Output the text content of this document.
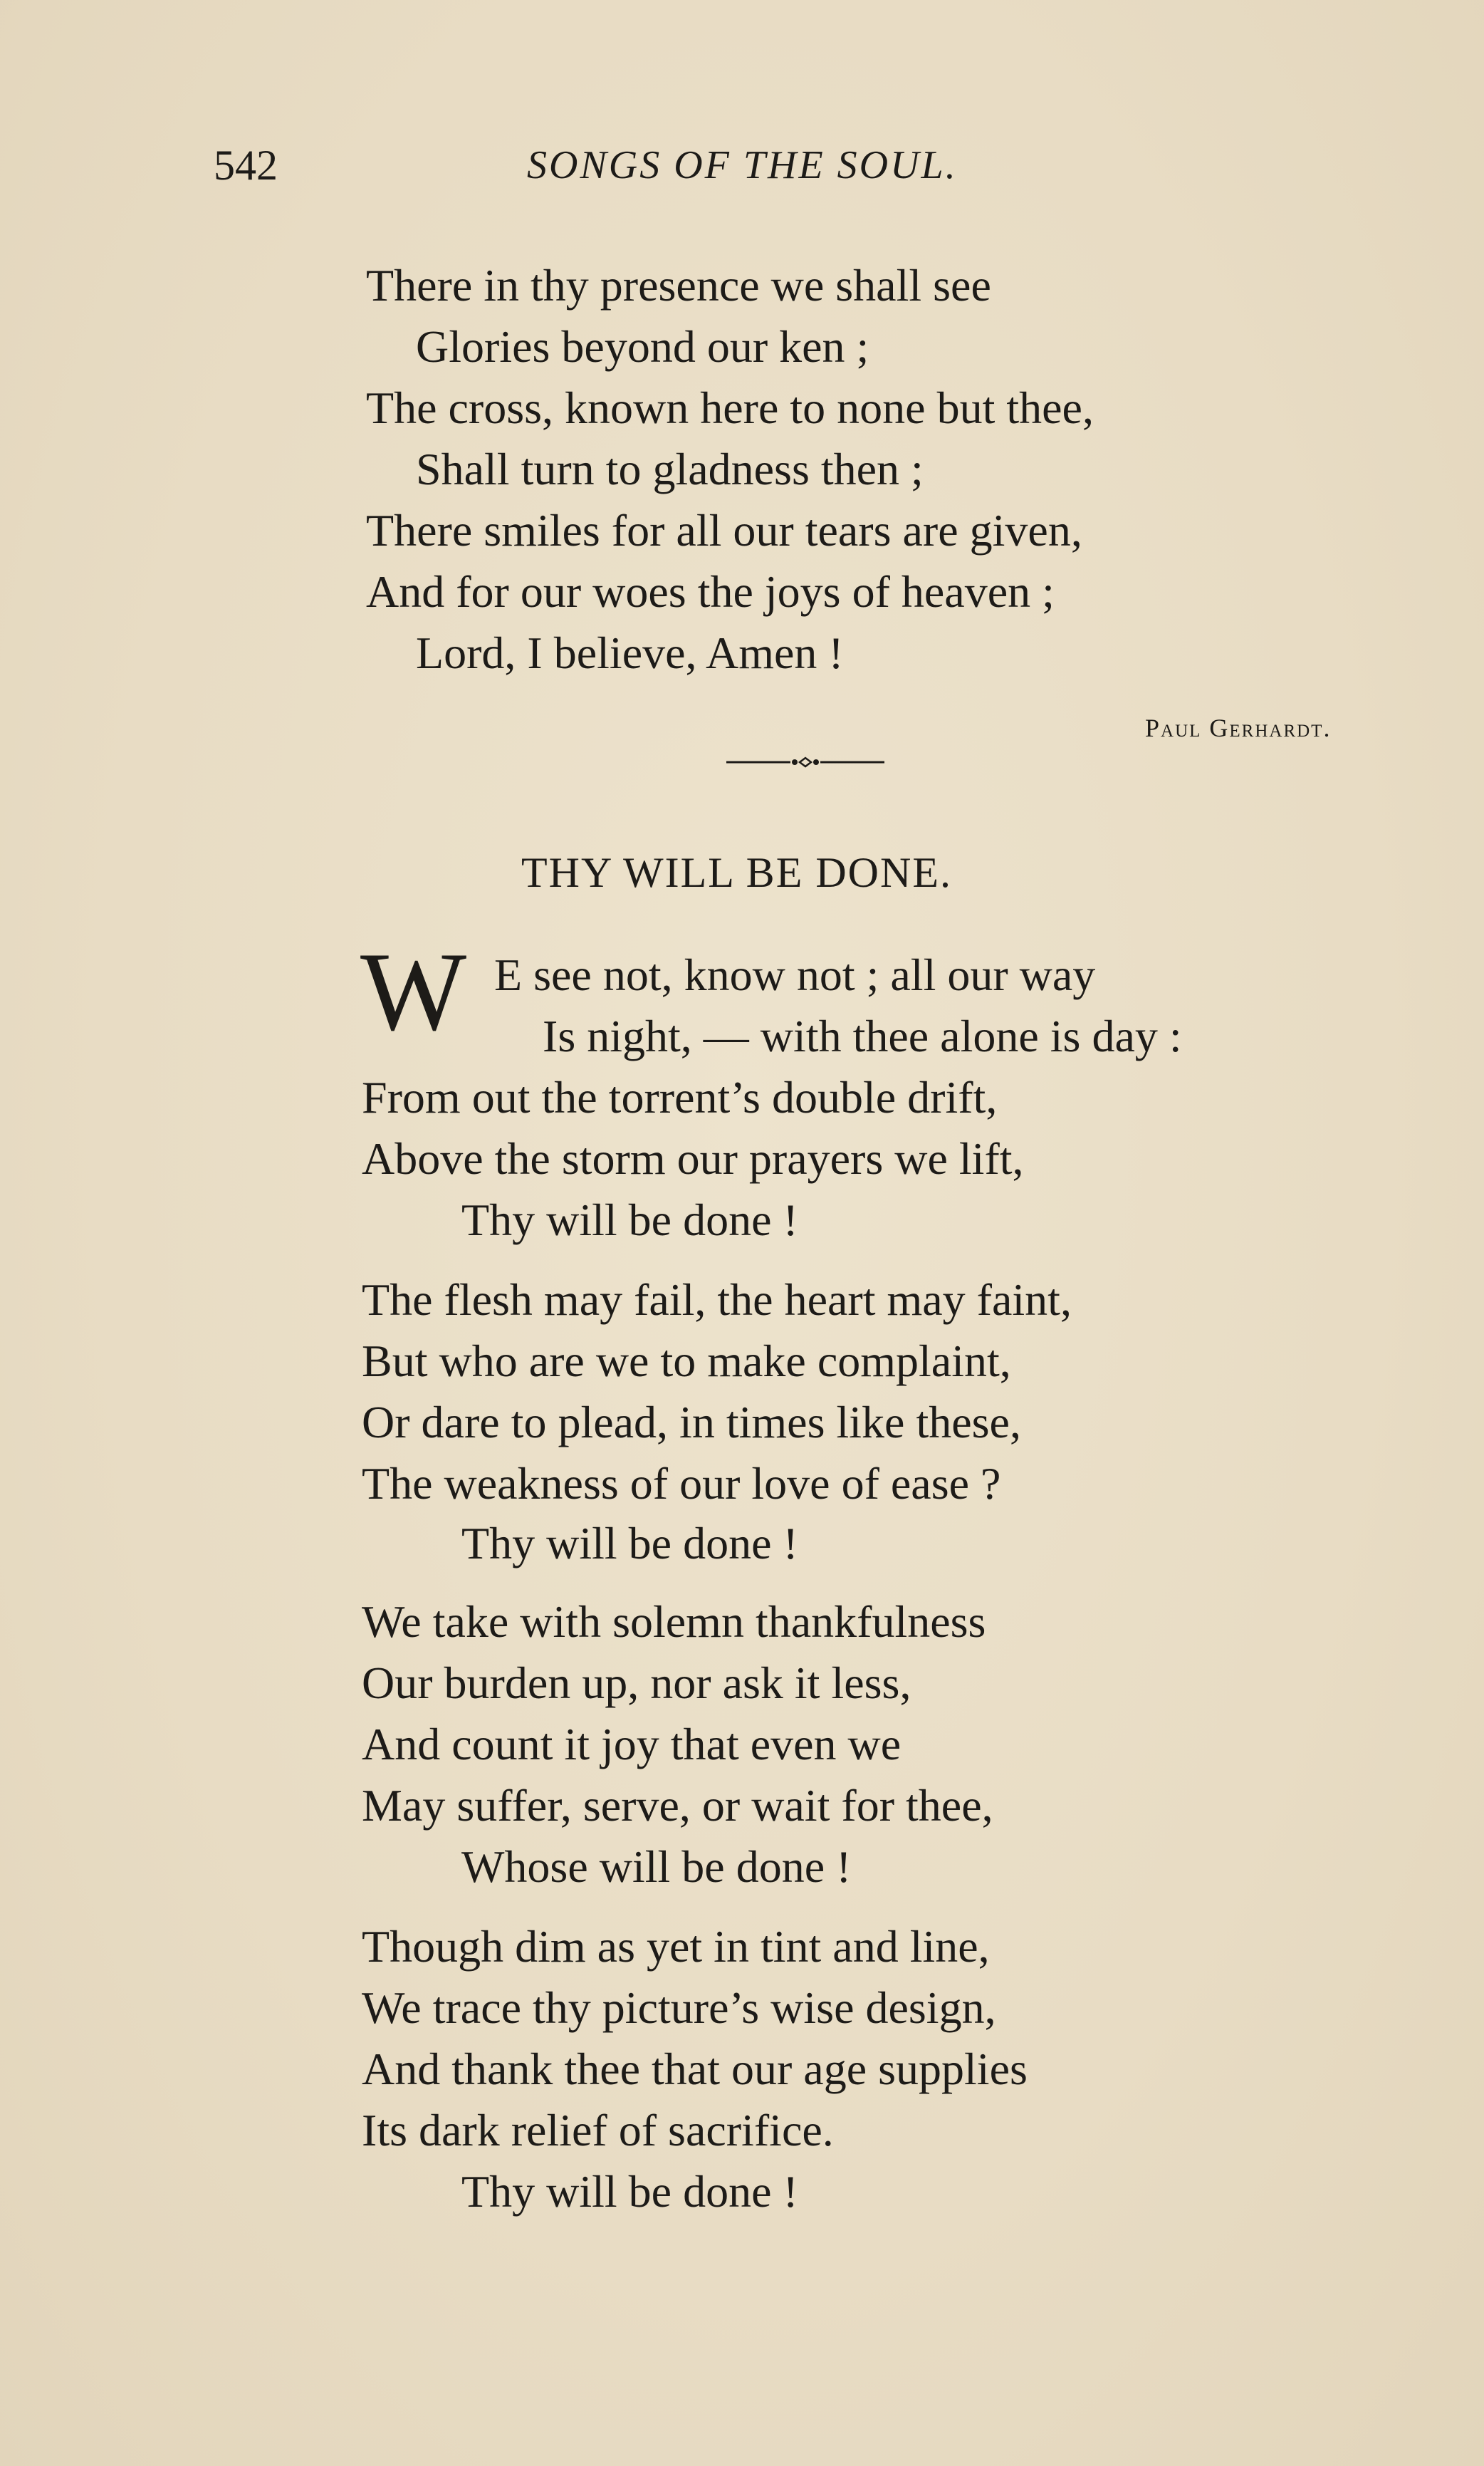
542	SONGS OF THE SOUL.
There in thy presence we shall see
Glories beyond our ken ;
The cross, known here to none but thee,
Shall turn to gladness then ;
There smiles for all our tears are given,
And for our woes the joys of heaven ;
Lord, I believe, Amen !
Paul Gerhardt.
THY WILL BE DONE.
W E see not, know not ; all our way
Is night, — with thee alone is day :
From out the torrent’s double drift,
Above the storm our prayers we lift,
Thy will be done !
The flesh may fail, the heart may faint,
But who are we to make complaint,
Or dare to plead, in times like these,
The weakness of our love of ease ?
Thy will be done !
We take with solemn thankfulness
Our burden up, nor ask it less,
And count it joy that even we
May suffer, serve, or wait for thee,
Whose will be done !
Though dim as yet in tint and line,
We trace thy picture’s wise design,
And thank thee that our age supplies
Its dark relief of sacrifice.
Thy will be done !
